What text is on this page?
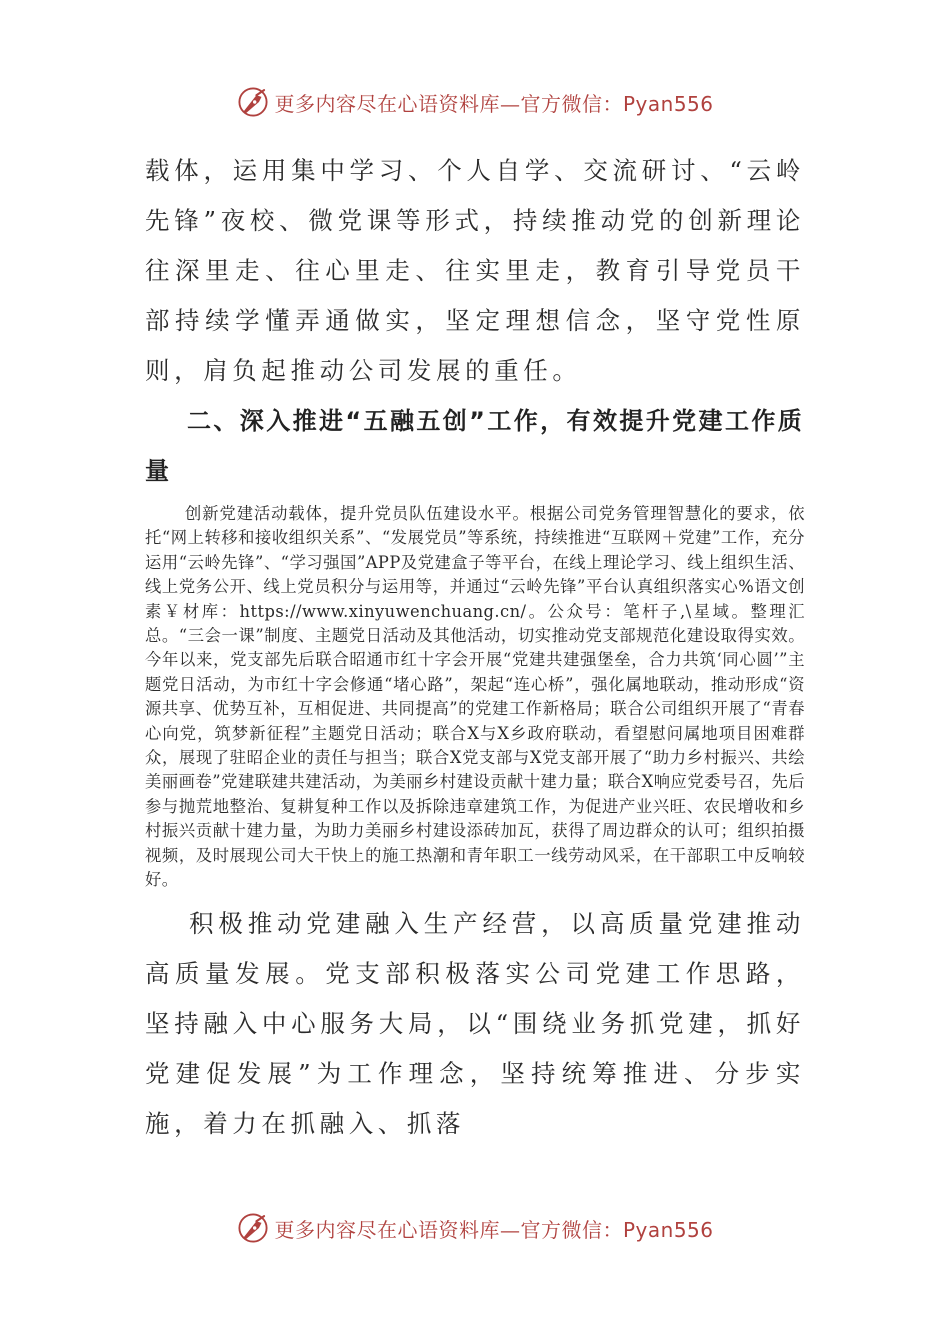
更多内容尽在心语资料库—官方微信：Pyan556

载体，运用集中学习、个人自学、交流研讨、“云岭先锋”夜校、微党课等形式，持续推动党的创新理论往深里走、往心里走、往实里走，教育引导党员干部持续学懂弄通做实，坚定理想信念，坚守党性原则，肩负起推动公司发展的重任。

二、深入推进“五融五创”工作，有效提升党建工作质量

创新党建活动载体，提升党员队伍建设水平。根据公司党务管理智慧化的要求，依托“网上转移和接收组织关系”、“发展党员”等系统，持续推进“互联网＋党建”工作，充分运用“云岭先锋”、“学习强国”APP及党建盒子等平台，在线上理论学习、线上组织生活、线上党务公开、线上党员积分与运用等，并通过“云岭先锋”平台认真组织落实心%语文创素￥材库：https://www.xinyuwenchuang.cn/。公众号：笔杆子,\星域。整理汇总。“三会一课”制度、主题党日活动及其他活动，切实推动党支部规范化建设取得实效。今年以来，党支部先后联合昭通市红十字会开展“党建共建强堡垒，合力共筑‘同心圆’”主题党日活动，为市红十字会修通“堵心路”，架起“连心桥”，强化属地联动，推动形成“资源共享、优势互补，互相促进、共同提高”的党建工作新格局；联合公司组织开展了“青春心向党，筑梦新征程”主题党日活动；联合X与X乡政府联动，看望慰问属地项目困难群众，展现了驻昭企业的责任与担当；联合X党支部与X党支部开展了“助力乡村振兴、共绘美丽画卷”党建联建共建活动，为美丽乡村建设贡献十建力量；联合X响应党委号召，先后参与抛荒地整治、复耕复种工作以及拆除违章建筑工作，为促进产业兴旺、农民增收和乡村振兴贡献十建力量，为助力美丽乡村建设添砖加瓦，获得了周边群众的认可；组织拍摄视频，及时展现公司大干快上的施工热潮和青年职工一线劳动风采，在干部职工中反响较好。

积极推动党建融入生产经营，以高质量党建推动高质量发展。党支部积极落实公司党建工作思路，坚持融入中心服务大局，以“围绕业务抓党建，抓好党建促发展”为工作理念，坚持统筹推进、分步实施，着力在抓融入、抓落

更多内容尽在心语资料库—官方微信：Pyan556
